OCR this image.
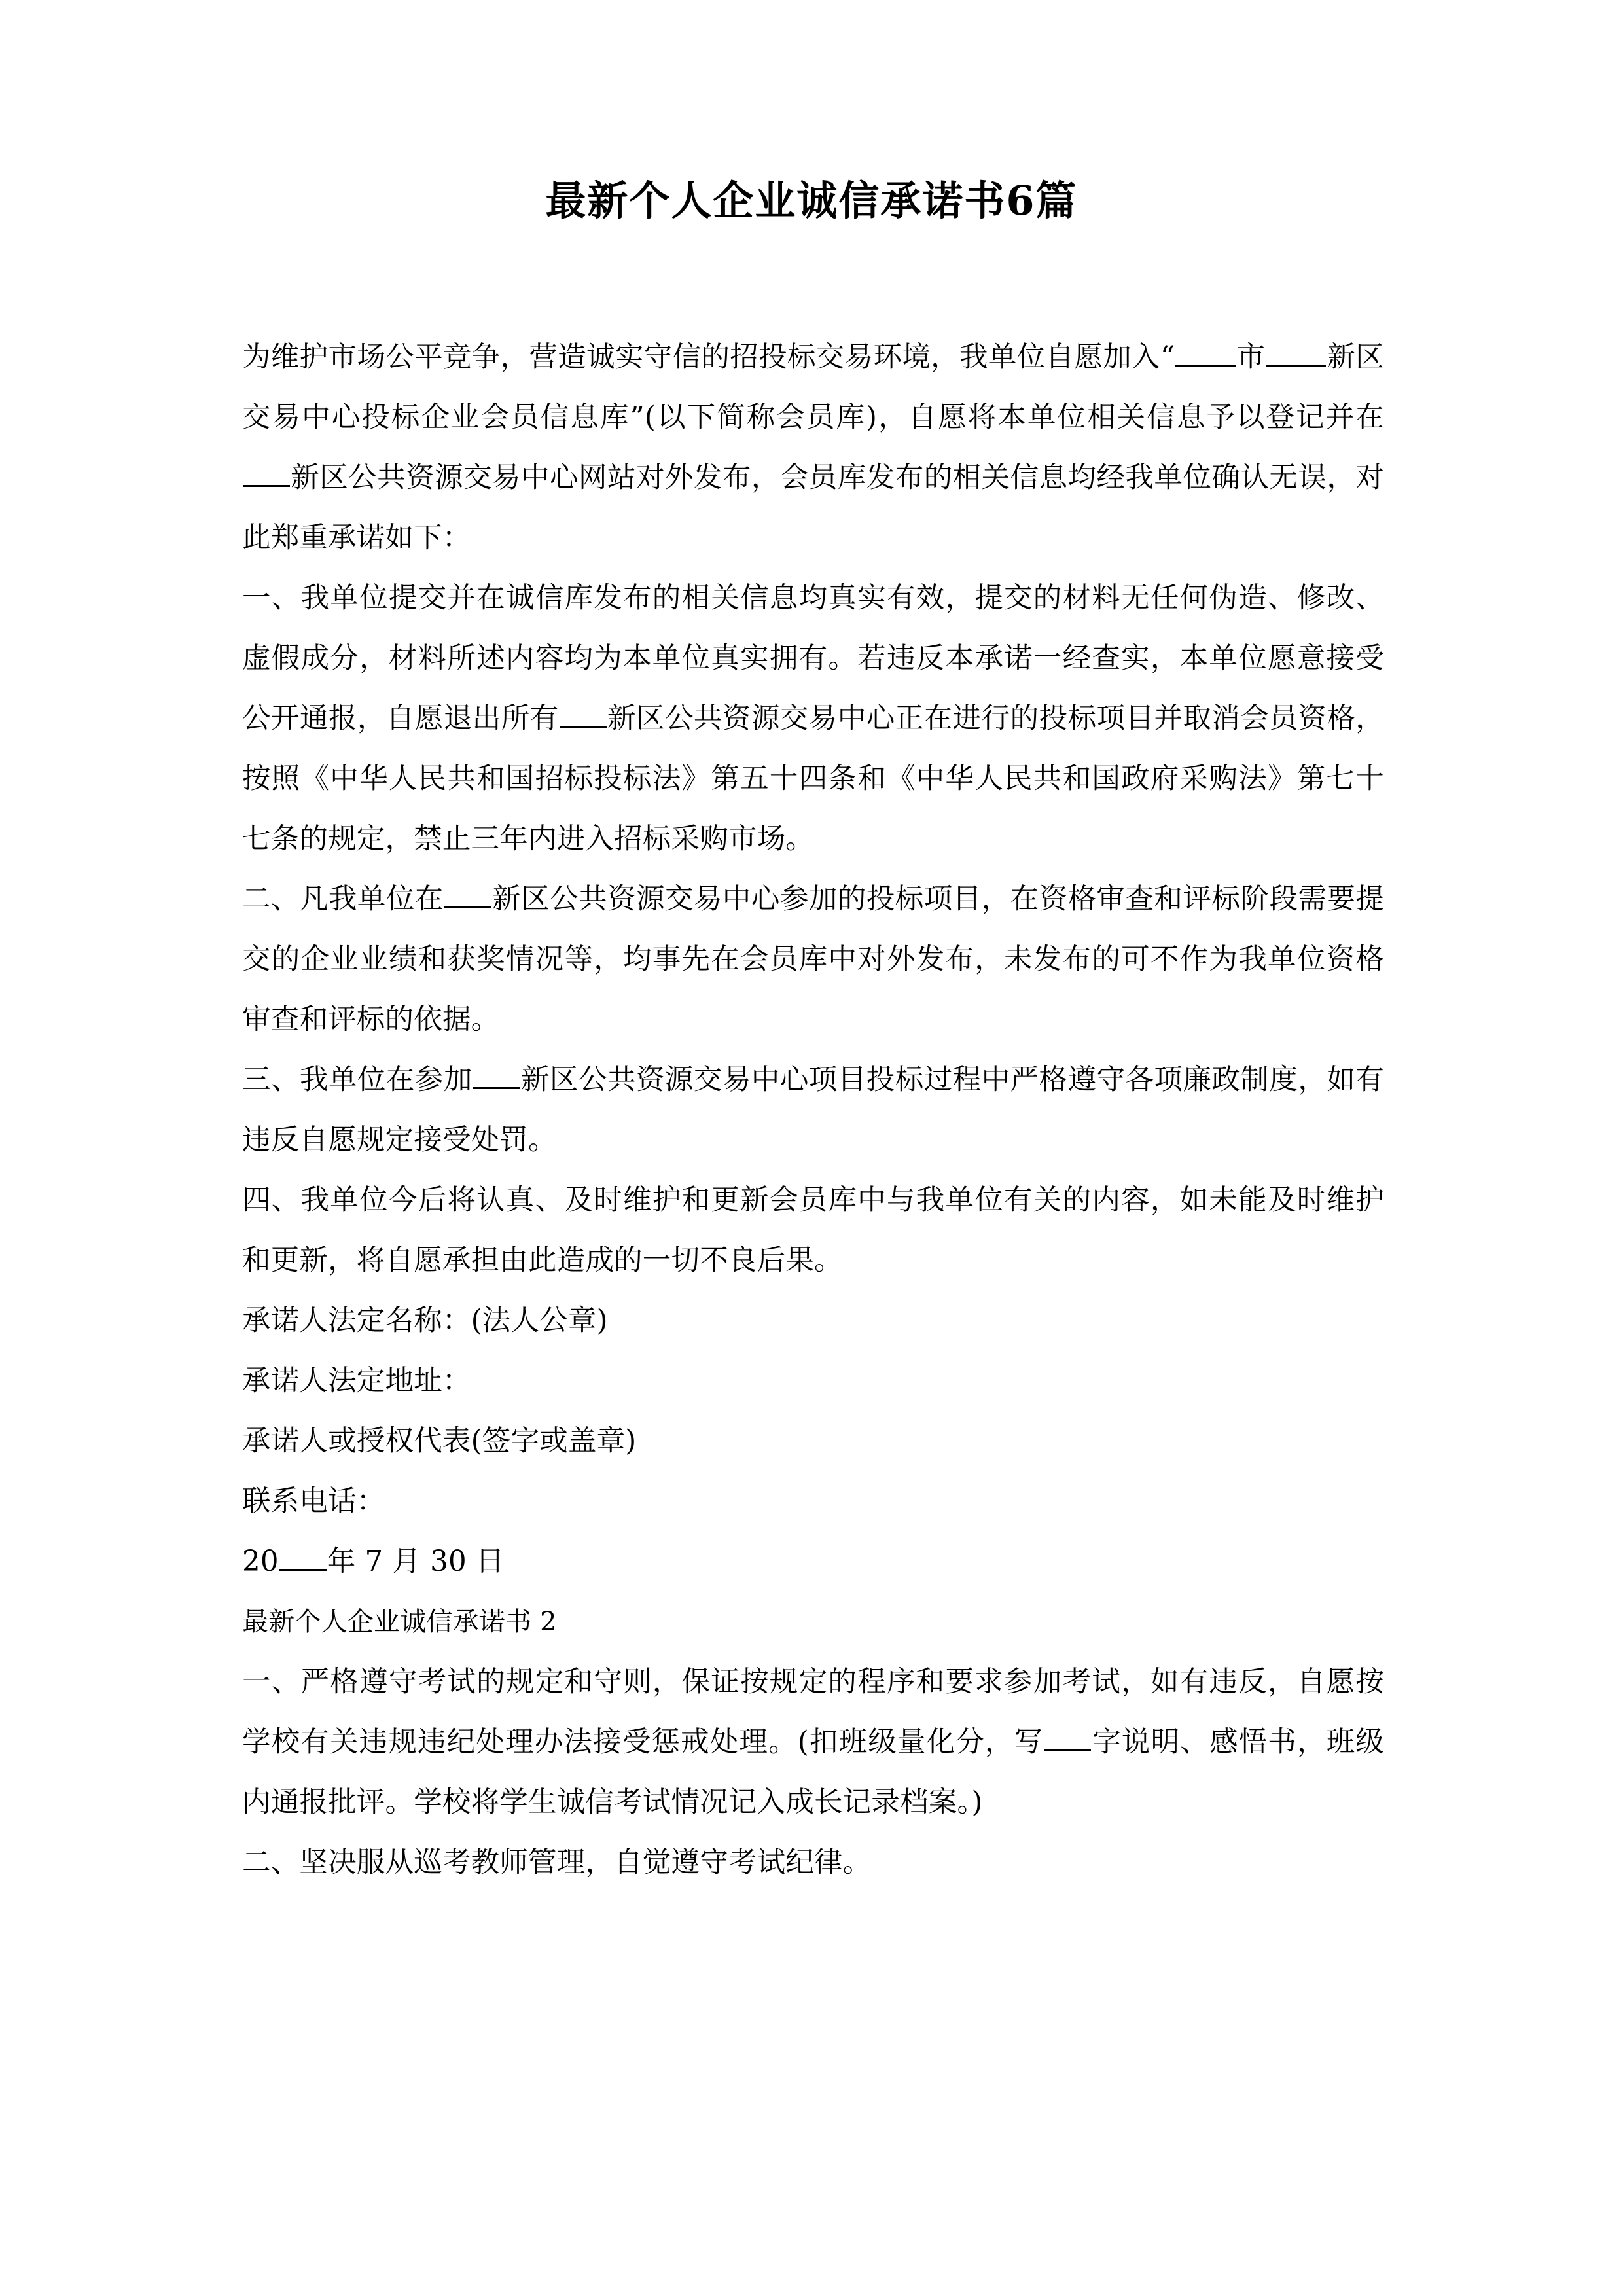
最新个人企业诚信承诺书6篇

为维护市场公平竞争，营造诚实守信的招投标交易环境，我单位自愿加入“ 市 新区交易中心投标企业会员信息库”(以下简称会员库)，自愿将本单位相关信息予以登记并在新区公共资源交易中心网站对外发布，会员库发布的相关信息均经我单位确认无误，对此郑重承诺如下：

一、我单位提交并在诚信库发布的相关信息均真实有效，提交的材料无任何伪造、修改、虚假成分，材料所述内容均为本单位真实拥有。若违反本承诺一经查实，本单位愿意接受公开通报，自愿退出所有 新区公共资源交易中心正在进行的投标项目并取消会员资格，按照《中华人民共和国招标投标法》第五十四条和《中华人民共和国政府采购法》第七十七条的规定，禁止三年内进入招标采购市场。

二、凡我单位在 新区公共资源交易中心参加的投标项目，在资格审查和评标阶段需要提交的企业业绩和获奖情况等，均事先在会员库中对外发布，未发布的可不作为我单位资格审查和评标的依据。

三、我单位在参加 新区公共资源交易中心项目投标过程中严格遵守各项廉政制度，如有违反自愿规定接受处罚。

四、我单位今后将认真、及时维护和更新会员库中与我单位有关的内容，如未能及时维护和更新，将自愿承担由此造成的一切不良后果。

承诺人法定名称：(法人公章)

承诺人法定地址：

承诺人或授权代表(签字或盖章)

联系电话：

20 年 7 月 30 日

最新个人企业诚信承诺书 2

一、严格遵守考试的规定和守则，保证按规定的程序和要求参加考试，如有违反，自愿按学校有关违规违纪处理办法接受惩戒处理。(扣班级量化分，写 字说明、感悟书，班级内通报批评。学校将学生诚信考试情况记入成长记录档案。)

二、坚决服从巡考教师管理，自觉遵守考试纪律。
